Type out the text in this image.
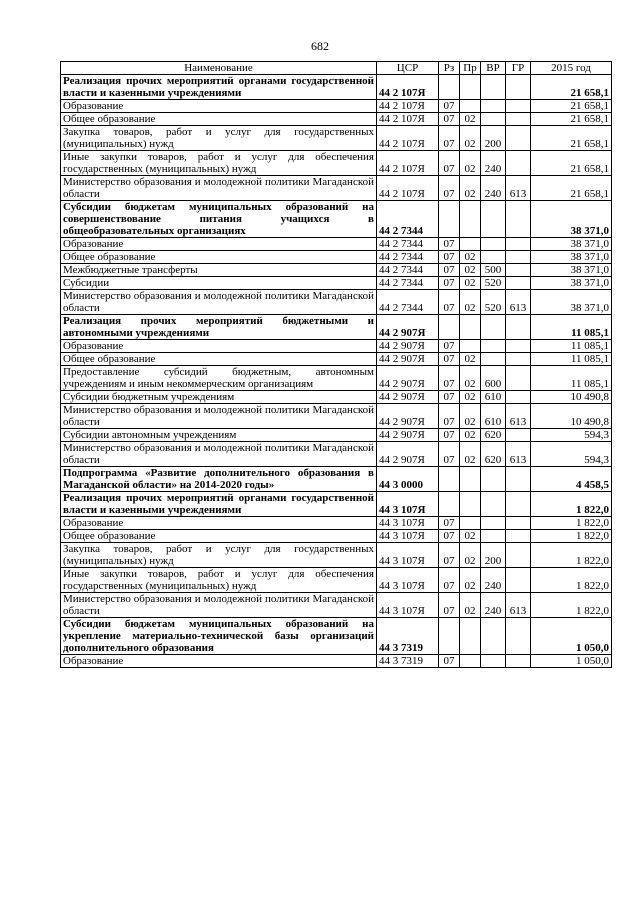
682
Наименование	ЦСР	Рз	Пр	ВР	ГР	2015 год
Реализация прочих мероприятий органами государственной власти и казенными учреждениями	44 2 107Я					21 658,1
Образование	44 2 107Я	07				21 658,1
Общее образование	44 2 107Я	07	02			21 658,1
Закупка товаров, работ и услуг для государственных (муниципальных) нужд	44 2 107Я	07	02	200		21 658,1
Иные закупки товаров, работ и услуг для обеспечения государственных (муниципальных) нужд	44 2 107Я	07	02	240		21 658,1
Министерство образования и молодежной политики Магаданской области	44 2 107Я	07	02	240	613	21 658,1
Субсидии бюджетам муниципальных образований на совершенствование питания учащихся в общеобразовательных организациях	44 2 7344					38 371,0
Образование	44 2 7344	07				38 371,0
Общее образование	44 2 7344	07	02			38 371,0
Межбюджетные трансферты	44 2 7344	07	02	500		38 371,0
Субсидии	44 2 7344	07	02	520		38 371,0
Министерство образования и молодежной политики Магаданской области	44 2 7344	07	02	520	613	38 371,0
Реализация прочих мероприятий бюджетными и автономными учреждениями	44 2 907Я					11 085,1
Образование	44 2 907Я	07				11 085,1
Общее образование	44 2 907Я	07	02			11 085,1
Предоставление субсидий бюджетным, автономным учреждениям и иным некоммерческим организациям	44 2 907Я	07	02	600		11 085,1
Субсидии бюджетным учреждениям	44 2 907Я	07	02	610		10 490,8
Министерство образования и молодежной политики Магаданской области	44 2 907Я	07	02	610	613	10 490,8
Субсидии автономным учреждениям	44 2 907Я	07	02	620		594,3
Министерство образования и молодежной политики Магаданской области	44 2 907Я	07	02	620	613	594,3
Подпрограмма «Развитие дополнительного образования в Магаданской области» на 2014-2020 годы»	44 3 0000					4 458,5
Реализация прочих мероприятий органами государственной власти и казенными учреждениями	44 3 107Я					1 822,0
Образование	44 3 107Я	07				1 822,0
Общее образование	44 3 107Я	07	02			1 822,0
Закупка товаров, работ и услуг для государственных (муниципальных) нужд	44 3 107Я	07	02	200		1 822,0
Иные закупки товаров, работ и услуг для обеспечения государственных (муниципальных) нужд	44 3 107Я	07	02	240		1 822,0
Министерство образования и молодежной политики Магаданской области	44 3 107Я	07	02	240	613	1 822,0
Субсидии бюджетам муниципальных образований на укрепление материально-технической базы организаций дополнительного образования	44 3 7319					1 050,0
Образование	44 3 7319	07				1 050,0
